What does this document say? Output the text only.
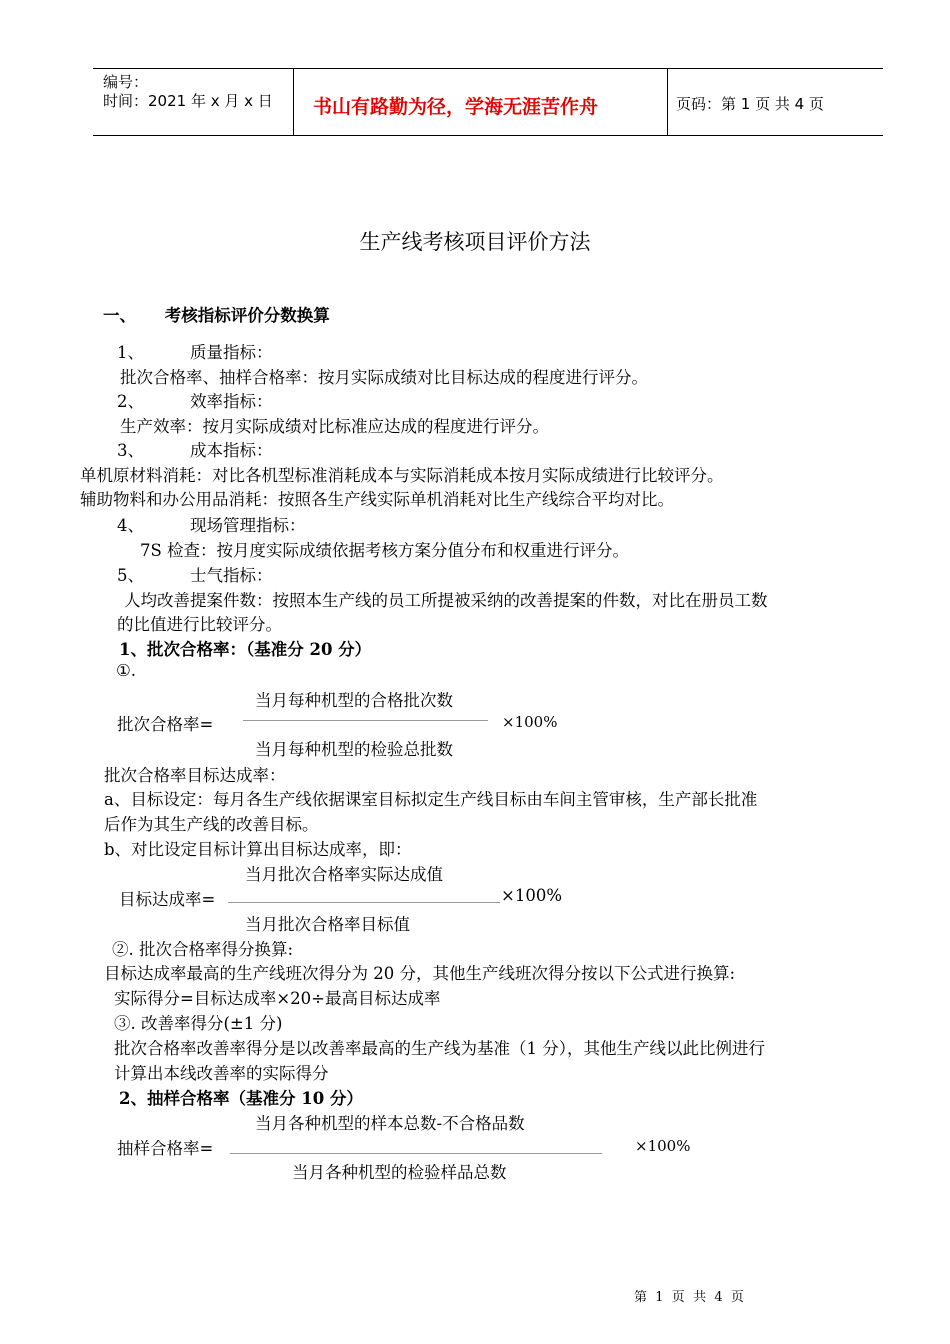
编号：
时间：2021 年 x 月 x 日 书山有路勤为径，学海无涯苦作舟	页码：第 1 页 共 4 页
生产线考核项目评价方法
一、     考核指标评价分数换算
1、	质量指标：
批次合格率、抽样合格率：按月实际成绩对比目标达成的程度进行评分。
2、	效率指标：
生产效率：按月实际成绩对比标准应达成的程度进行评分。
3、	成本指标：
单机原材料消耗：对比各机型标准消耗成本与实际消耗成本按月实际成绩进行比较评分。
辅助物料和办公用品消耗：按照各生产线实际单机消耗对比生产线综合平均对比。
4、	现场管理指标：
7S 检查：按月度实际成绩依据考核方案分值分布和权重进行评分。
5、	士气指标：
人均改善提案件数：按照本生产线的员工所提被采纳的改善提案的件数，对比在册员工数
的比值进行比较评分。
1、批次合格率：（基准分 20 分）
①.
当月每种机型的合格批次数
批次合格率=	×100%
当月每种机型的检验总批数
批次合格率目标达成率：
a、目标设定：每月各生产线依据课室目标拟定生产线目标由车间主管审核，生产部长批准
后作为其生产线的改善目标。
b、对比设定目标计算出目标达成率，即：
当月批次合格率实际达成值
目标达成率=	×100%
当月批次合格率目标值
②. 批次合格率得分换算:
目标达成率最高的生产线班次得分为 20 分，其他生产线班次得分按以下公式进行换算:
实际得分=目标达成率×20÷最高目标达成率
③. 改善率得分(±1 分)
批次合格率改善率得分是以改善率最高的生产线为基准（1 分），其他生产线以此比例进行
计算出本线改善率的实际得分
2、抽样合格率（基准分 10 分）
当月各种机型的样本总数-不合格品数
抽样合格率=	×100%
当月各种机型的检验样品总数
第  1  页  共  4  页
